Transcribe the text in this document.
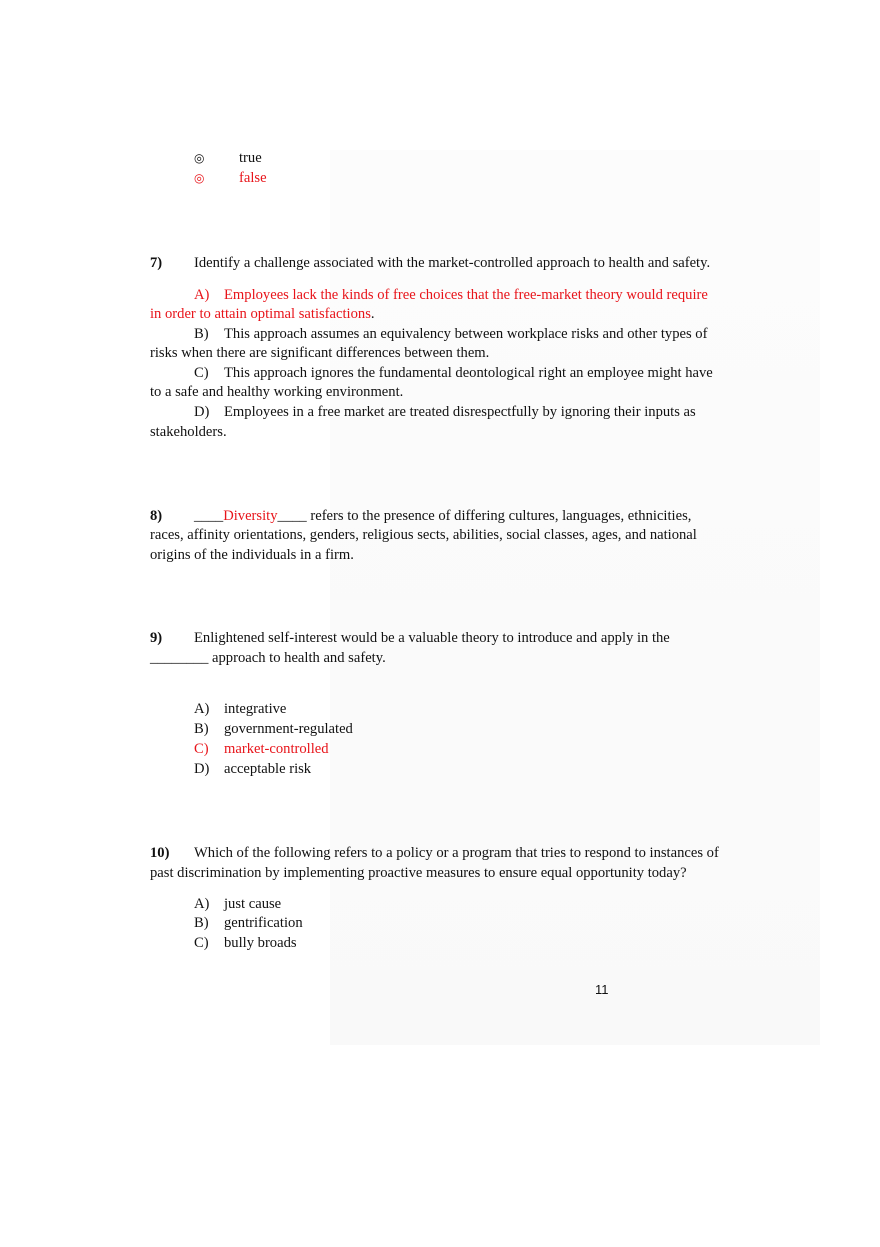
◎ true
◎ false
7) Identify a challenge associated with the market-controlled approach to health and safety.
A) Employees lack the kinds of free choices that the free-market theory would require
in order to attain optimal satisfactions.
B) This approach assumes an equivalency between workplace risks and other types of
risks when there are significant differences between them.
C) This approach ignores the fundamental deontological right an employee might have
to a safe and healthy working environment.
D) Employees in a free market are treated disrespectfully by ignoring their inputs as
stakeholders.
8) ____Diversity____ refers to the presence of differing cultures, languages, ethnicities,
races, affinity orientations, genders, religious sects, abilities, social classes, ages, and national
origins of the individuals in a firm.
9) Enlightened self-interest would be a valuable theory to introduce and apply in the
________ approach to health and safety.
A) integrative
B) government-regulated
C) market-controlled
D) acceptable risk
10) Which of the following refers to a policy or a program that tries to respond to instances of
past discrimination by implementing proactive measures to ensure equal opportunity today?
A) just cause
B) gentrification
C) bully broads
11
